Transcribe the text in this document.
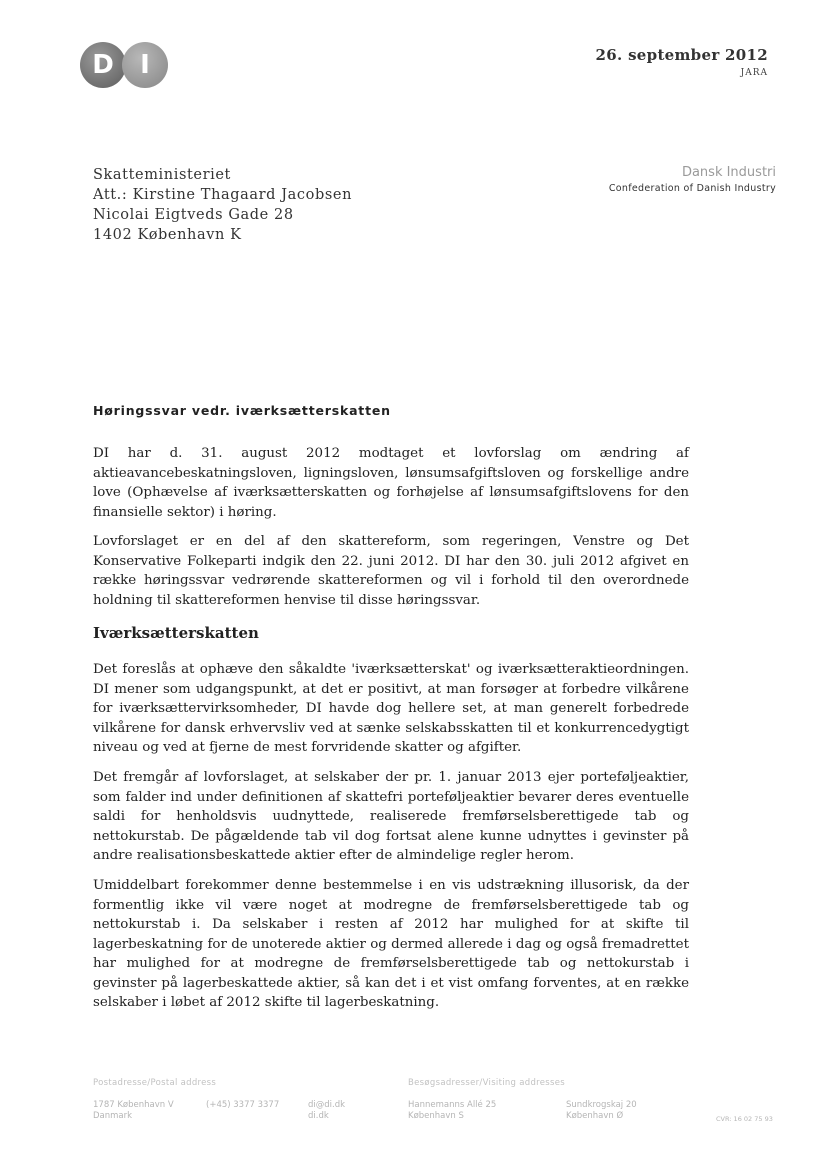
D	I	26. september 2012
JARA
Skatteministeriet
Att.: Kirstine Thagaard Jacobsen
Nicolai Eigtveds Gade 28
1402 København K
Dansk Industri
Confederation of Danish Industry
Høringssvar vedr. iværksætterskatten
DI har d. 31. august 2012 modtaget et lovforslag om ændring af aktieavancebeskatningsloven, ligningsloven, lønsumsafgiftsloven og forskellige andre love (Ophævelse af iværksætterskatten og forhøjelse af lønsumsafgiftslovens for den finansielle sektor) i høring.
Lovforslaget er en del af den skattereform, som regeringen, Venstre og Det Konservative Folkeparti indgik den 22. juni 2012. DI har den 30. juli 2012 afgivet en række høringssvar vedrørende skattereformen og vil i forhold til den overordnede holdning til skattereformen henvise til disse høringssvar.
Iværksætterskatten
Det foreslås at ophæve den såkaldte 'iværksætterskat' og iværksætteraktieordningen. DI mener som udgangspunkt, at det er positivt, at man forsøger at forbedre vilkårene for iværksættervirksomheder, DI havde dog hellere set, at man generelt forbedrede vilkårene for dansk erhvervsliv ved at sænke selskabsskatten til et konkurrencedygtigt niveau og ved at fjerne de mest forvridende skatter og afgifter.
Det fremgår af lovforslaget, at selskaber der pr. 1. januar 2013 ejer porteføljeaktier, som falder ind under definitionen af skattefri porteføljeaktier bevarer deres eventuelle saldi for henholdsvis uudnyttede, realiserede fremførselsberettigede tab og nettokurstab. De pågældende tab vil dog fortsat alene kunne udnyttes i gevinster på andre realisationsbeskattede aktier efter de almindelige regler herom.
Umiddelbart forekommer denne bestemmelse i en vis udstrækning illusorisk, da der formentlig ikke vil være noget at modregne de fremførselsberettigede tab og nettokurstab i. Da selskaber i resten af 2012 har mulighed for at skifte til lagerbeskatning for de unoterede aktier og dermed allerede i dag og også fremadrettet har mulighed for at modregne de fremførselsberettigede tab og nettokurstab i gevinster på lagerbeskattede aktier, så kan det i et vist omfang forventes, at en række selskaber i løbet af 2012 skifte til lagerbeskatning.
Postadresse/Postal address
1787 København V
Danmark
(+45) 3377 3377	di@di.dk
di.dk
Besøgsadresser/Visiting addresses
Hannemanns Allé 25
København S
Sundkrogskaj 20
København Ø	CVR: 16 02 75 93
